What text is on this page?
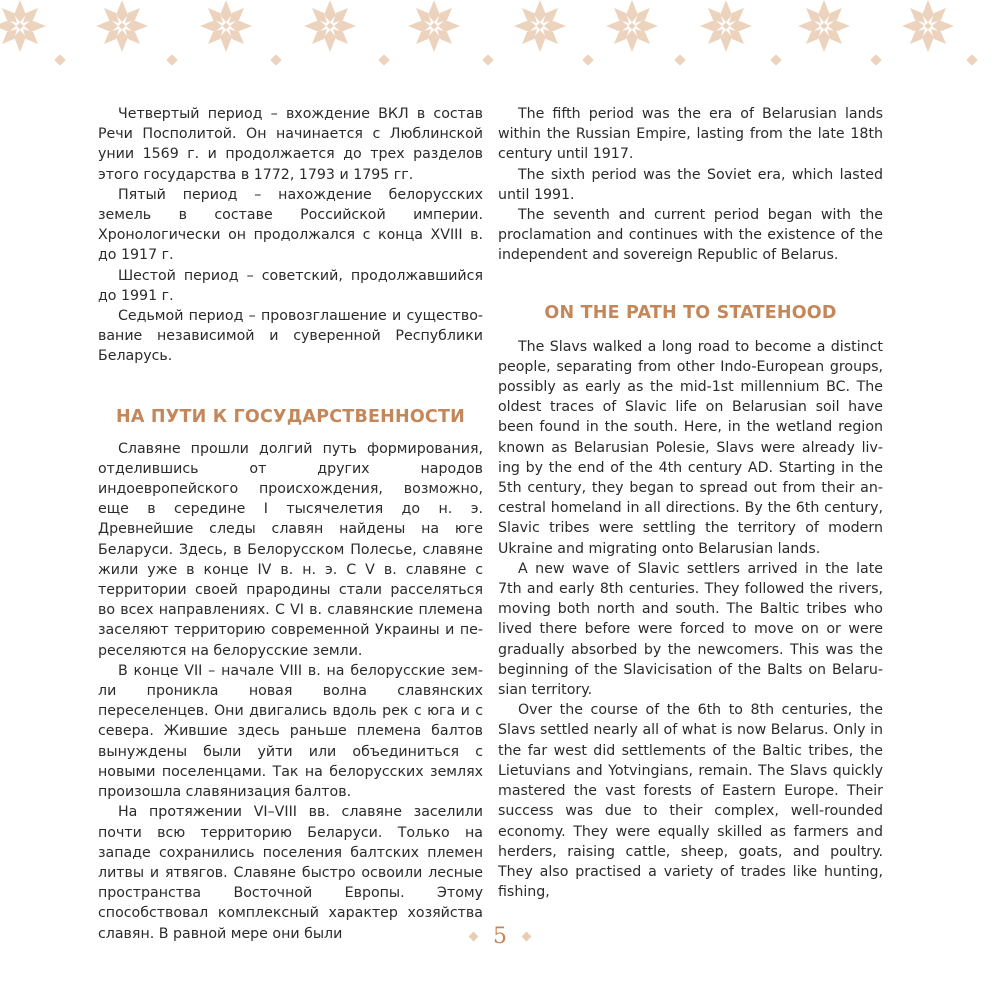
Четвертый период – вхождение ВКЛ в состав Речи Посполитой. Он начинается с Люблинской унии 1569 г. и продолжается до трех разделов этого государства в 1772, 1793 и 1795 гг.

Пятый период – нахождение белорусских земель в составе Российской империи. Хронологически он продолжался с конца XVIII в. до 1917 г.

Шестой период – советский, продолжавшийся до 1991 г.

Седьмой период – провозглашение и существование независимой и суверенной Республики Беларусь.

НА ПУТИ К ГОСУДАРСТВЕННОСТИ

Славяне прошли долгий путь формирования, отделившись от других народов индоевропейского происхождения, возможно, еще в середине I тысячелетия до н. э. Древнейшие следы славян найдены на юге Беларуси. Здесь, в Белорусском Полесье, славяне жили уже в конце IV в. н. э. С V в. славяне с территории своей прародины стали расселяться во всех направлениях. С VI в. славянские племена заселяют территорию современной Украины и переселяются на белорусские земли.

В конце VII – начале VIII в. на белорусские земли проникла новая волна славянских переселенцев. Они двигались вдоль рек с юга и с севера. Жившие здесь раньше племена балтов вынуждены были уйти или объединиться с новыми поселенцами. Так на белорусских землях произошла славянизация балтов.

На протяжении VI–VIII вв. славяне заселили почти всю территорию Беларуси. Только на западе сохранились поселения балтских племен литвы и ятвягов. Славяне быстро освоили лесные пространства Восточной Европы. Этому способствовал комплексный характер хозяйства славян. В равной мере они были

The fifth period was the era of Belarusian lands within the Russian Empire, lasting from the late 18th century until 1917.

The sixth period was the Soviet era, which lasted until 1991.

The seventh and current period began with the proclamation and continues with the existence of the independent and sovereign Republic of Belarus.

ON THE PATH TO STATEHOOD

The Slavs walked a long road to become a distinct people, separating from other Indo-European groups, possibly as early as the mid-1st millennium BC. The oldest traces of Slavic life on Belarusian soil have been found in the south. Here, in the wetland region known as Belarusian Polesie, Slavs were already living by the end of the 4th century AD. Starting in the 5th century, they began to spread out from their ancestral homeland in all directions. By the 6th century, Slavic tribes were settling the territory of modern Ukraine and migrating onto Belarusian lands.

A new wave of Slavic settlers arrived in the late 7th and early 8th centuries. They followed the rivers, moving both north and south. The Baltic tribes who lived there before were forced to move on or were gradually absorbed by the newcomers. This was the beginning of the Slavicisation of the Balts on Belarusian territory.

Over the course of the 6th to 8th centuries, the Slavs settled nearly all of what is now Belarus. Only in the far west did settlements of the Baltic tribes, the Lietuvians and Yotvingians, remain. The Slavs quickly mastered the vast forests of Eastern Europe. Their success was due to their complex, well-rounded economy. They were equally skilled as farmers and herders, raising cattle, sheep, goats, and poultry. They also practised a variety of trades like hunting, fishing,

5
